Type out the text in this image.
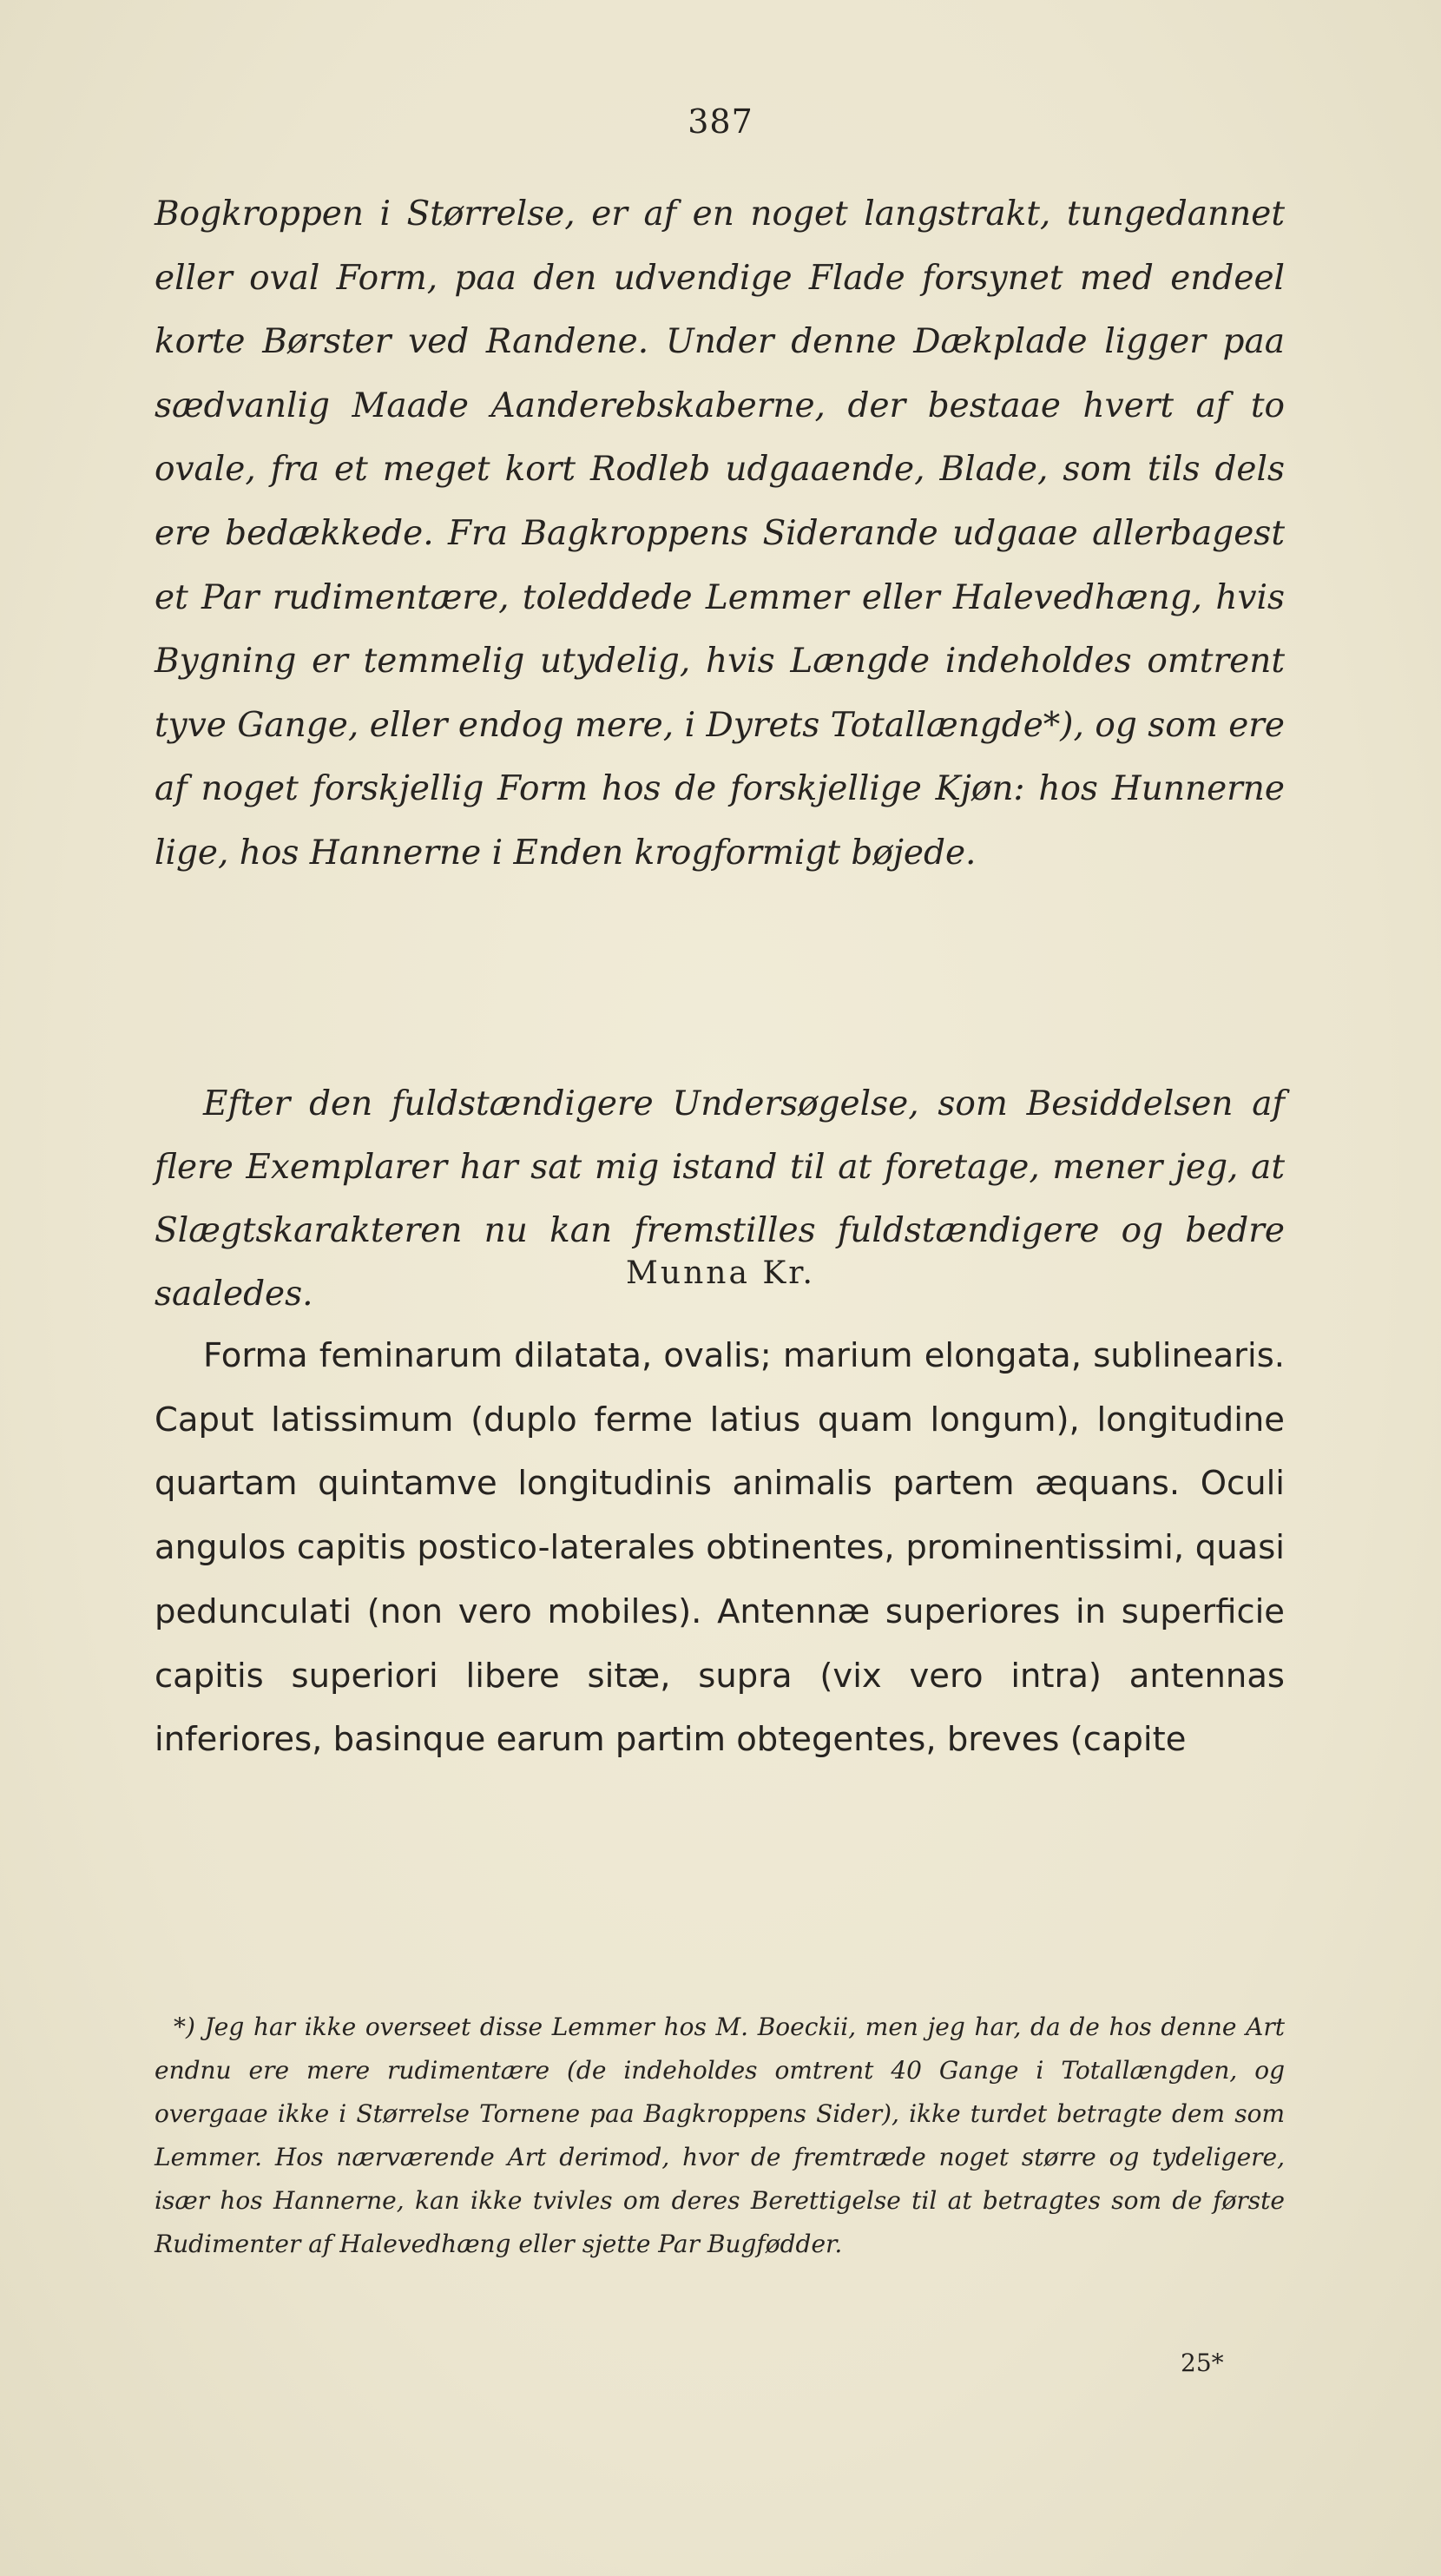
387

Bogkroppen i Størrelse, er af en noget langstrakt, tungedannet eller oval Form, paa den udvendige Flade forsynet med endeel korte Børster ved Randene. Under denne Dækplade ligger paa sædvanlig Maade Aanderebskaberne, der bestaae hvert af to ovale, fra et meget kort Rodleb udgaaende, Blade, som tils dels ere bedækkede. Fra Bagkroppens Siderande udgaae allerbagest et Par rudimentære, toleddede Lemmer eller Halevedhæng, hvis Bygning er temmelig utydelig, hvis Længde indeholdes omtrent tyve Gange, eller endog mere, i Dyrets Totallængde*), og som ere af noget forskjellig Form hos de forskjellige Kjøn: hos Hunnerne lige, hos Hannerne i Enden krogformigt bøjede.

Efter den fuldstændigere Undersøgelse, som Besiddelsen af flere Exemplarer har sat mig istand til at foretage, mener jeg, at Slægtskarakteren nu kan fremstilles fuldstændigere og bedre saaledes.

Munna Kr.

Forma feminarum dilatata, ovalis; marium elongata, sublinearis. Caput latissimum (duplo ferme latius quam longum), longitudine quartam quintamve longitudinis animalis partem æquans. Oculi angulos capitis postico-laterales obtinentes, prominentissimi, quasi pedunculati (non vero mobiles). Antennæ superiores in superficie capitis superiori libere sitæ, supra (vix vero intra) antennas inferiores, basinque earum partim obtegentes, breves (capite

*) Jeg har ikke overseet disse Lemmer hos M. Boeckii, men jeg har, da de hos denne Art endnu ere mere rudimentære (de indeholdes omtrent 40 Gange i Totallængden, og overgaae ikke i Størrelse Tornene paa Bagkroppens Sider), ikke turdet betragte dem som Lemmer. Hos nærværende Art derimod, hvor de fremtræde noget større og tydeligere, især hos Hannerne, kan ikke tvivles om deres Berettigelse til at betragtes som de første Rudimenter af Halevedhæng eller sjette Par Bugfødder.

25*
